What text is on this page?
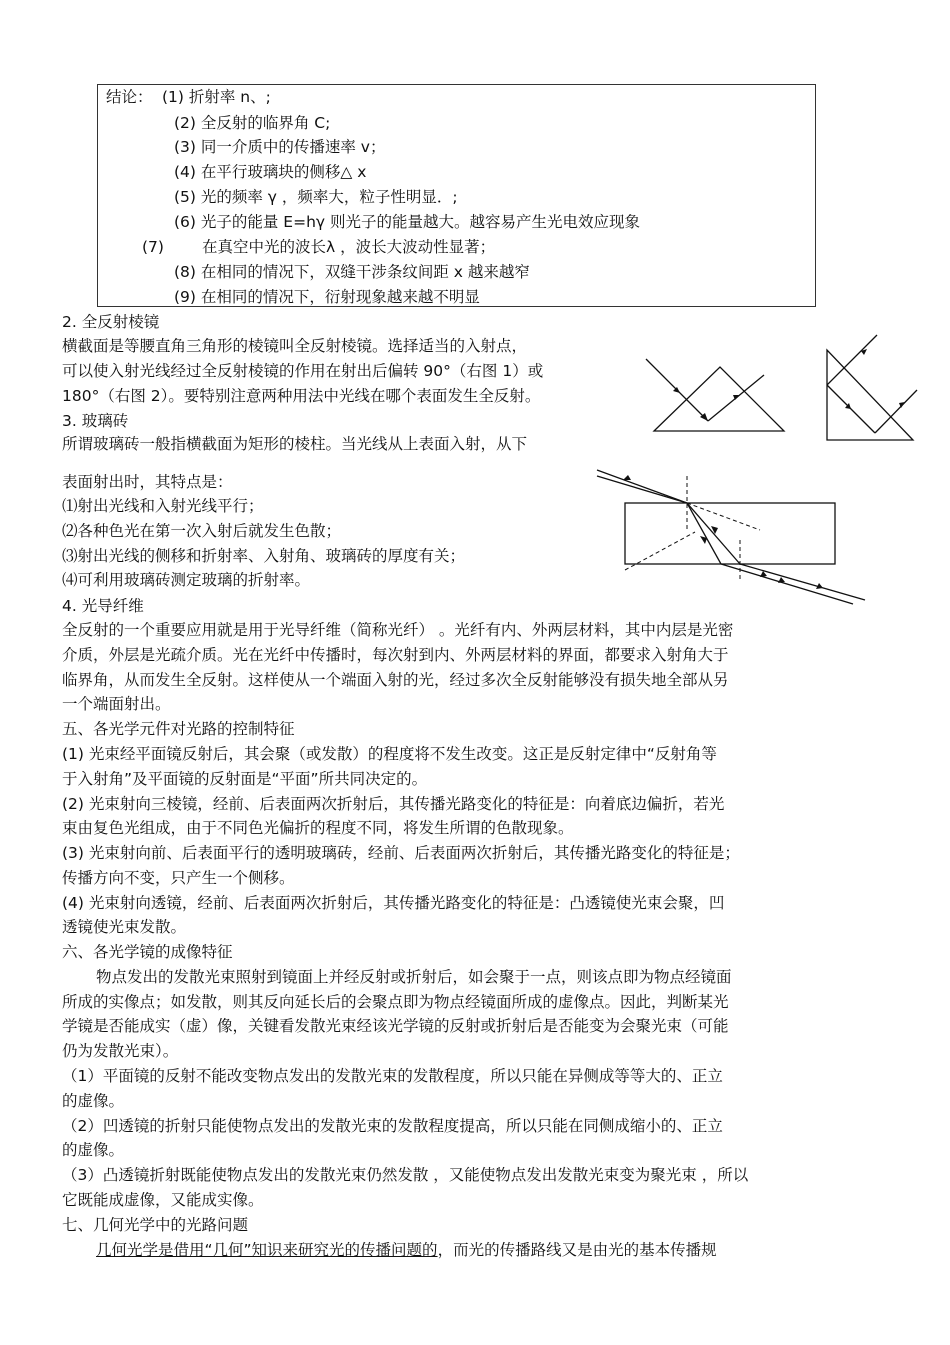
结论： (1) 折射率 n、;
(2) 全反射的临界角 C;
(3) 同一介质中的传播速率 v；
(4) 在平行玻璃块的侧移△ x
(5) 光的频率 γ ，频率大，粒子性明显．;
(6) 光子的能量 E=hγ 则光子的能量越大。越容易产生光电效应现象
(7) 在真空中光的波长λ ，波长大波动性显著；
(8) 在相同的情况下，双缝干涉条纹间距 x 越来越窄
(9) 在相同的情况下，衍射现象越来越不明显
2. 全反射棱镜
横截面是等腰直角三角形的棱镜叫全反射棱镜。选择适当的入射点，
可以使入射光线经过全反射棱镜的作用在射出后偏转 90°（右图 1）或
180°（右图 2）。要特别注意两种用法中光线在哪个表面发生全反射。
3. 玻璃砖
所谓玻璃砖一般指横截面为矩形的棱柱。当光线从上表面入射，从下
表面射出时，其特点是：
⑴射出光线和入射光线平行；
⑵各种色光在第一次入射后就发生色散；
⑶射出光线的侧移和折射率、入射角、玻璃砖的厚度有关；
⑷可利用玻璃砖测定玻璃的折射率。
4. 光导纤维
全反射的一个重要应用就是用于光导纤维（简称光纤） 。光纤有内、外两层材料，其中内层是光密
介质，外层是光疏介质。光在光纤中传播时，每次射到内、外两层材料的界面，都要求入射角大于
临界角，从而发生全反射。这样使从一个端面入射的光，经过多次全反射能够没有损失地全部从另
一个端面射出。
五、各光学元件对光路的控制特征
(1) 光束经平面镜反射后，其会聚（或发散）的程度将不发生改变。这正是反射定律中“反射角等
于入射角”及平面镜的反射面是“平面”所共同决定的。
(2) 光束射向三棱镜，经前、后表面两次折射后，其传播光路变化的特征是：向着底边偏折，若光
束由复色光组成，由于不同色光偏折的程度不同，将发生所谓的色散现象。
(3) 光束射向前、后表面平行的透明玻璃砖，经前、后表面两次折射后，其传播光路变化的特征是；
传播方向不变，只产生一个侧移。
(4) 光束射向透镜，经前、后表面两次折射后，其传播光路变化的特征是：凸透镜使光束会聚，凹
透镜使光束发散。
六、各光学镜的成像特征
物点发出的发散光束照射到镜面上并经反射或折射后，如会聚于一点，则该点即为物点经镜面
所成的实像点；如发散，则其反向延长后的会聚点即为物点经镜面所成的虚像点。因此，判断某光
学镜是否能成实（虚）像，关键看发散光束经该光学镜的反射或折射后是否能变为会聚光束（可能
仍为发散光束）。
（1）平面镜的反射不能改变物点发出的发散光束的发散程度，所以只能在异侧成等等大的、正立
的虚像。
（2）凹透镜的折射只能使物点发出的发散光束的发散程度提高，所以只能在同侧成缩小的、正立
的虚像。
（3）凸透镜折射既能使物点发出的发散光束仍然发散 ，又能使物点发出发散光束变为聚光束 ，所以
它既能成虚像，又能成实像。
七、几何光学中的光路问题
几何光学是借用“几何”知识来研究光的传播问题的，而光的传播路线又是由光的基本传播规
